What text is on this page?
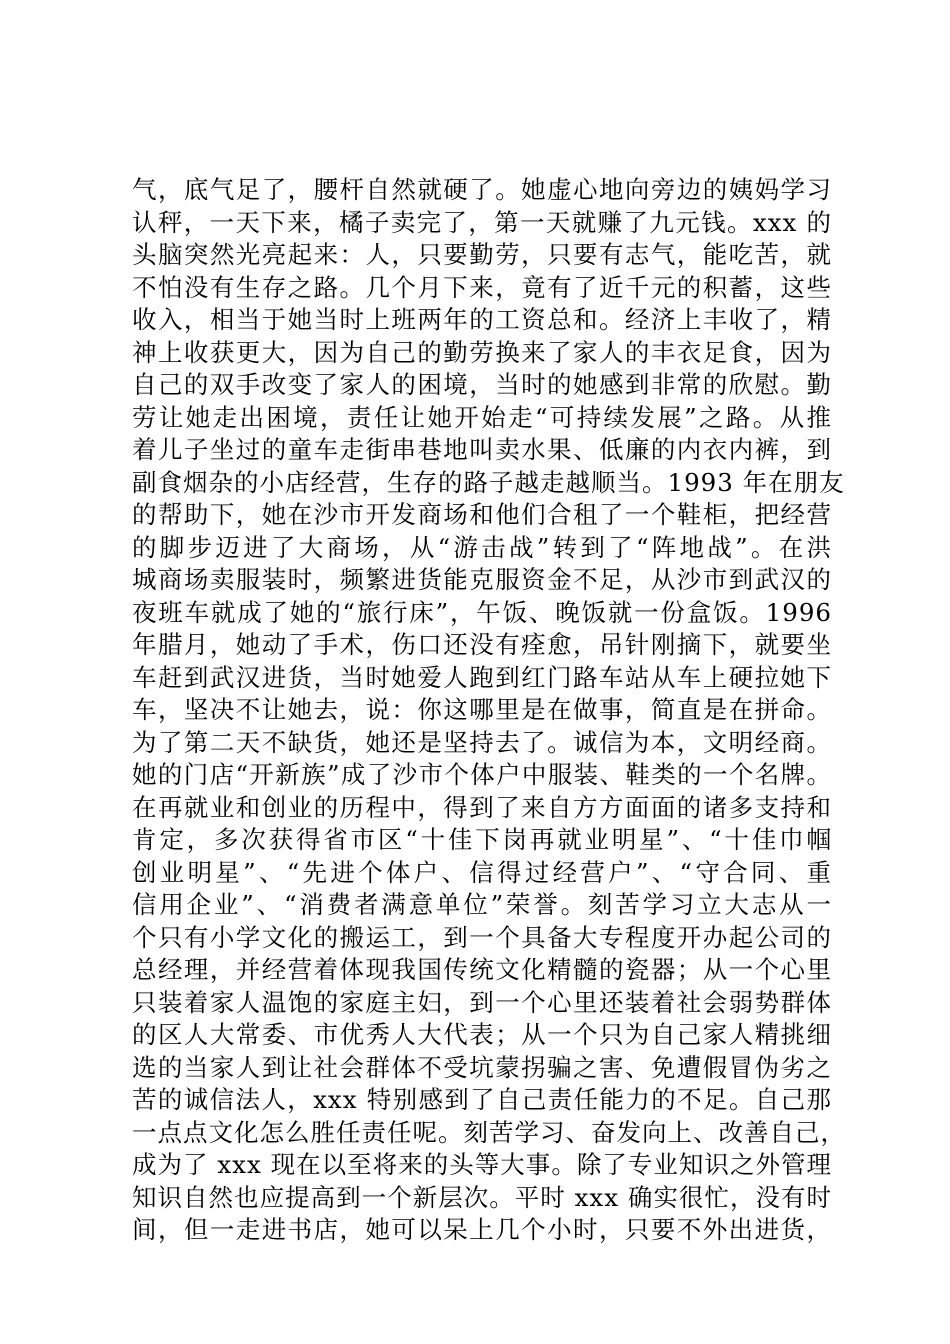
气，底气足了，腰杆自然就硬了。她虚心地向旁边的姨妈学习
认秤，一天下来，橘子卖完了，第一天就赚了九元钱。xxx 的
头脑突然光亮起来：人，只要勤劳，只要有志气，能吃苦，就
不怕没有生存之路。几个月下来，竟有了近千元的积蓄，这些
收入，相当于她当时上班两年的工资总和。经济上丰收了，精
神上收获更大，因为自己的勤劳换来了家人的丰衣足食，因为
自己的双手改变了家人的困境，当时的她感到非常的欣慰。勤
劳让她走出困境，责任让她开始走“可持续发展”之路。从推
着儿子坐过的童车走街串巷地叫卖水果、低廉的内衣内裤，到
副食烟杂的小店经营，生存的路子越走越顺当。1993 年在朋友
的帮助下，她在沙市开发商场和他们合租了一个鞋柜，把经营
的脚步迈进了大商场，从“游击战”转到了“阵地战”。在洪
城商场卖服装时，频繁进货能克服资金不足，从沙市到武汉的
夜班车就成了她的“旅行床”，午饭、晚饭就一份盒饭。1996
年腊月，她动了手术，伤口还没有痊愈，吊针刚摘下，就要坐
车赶到武汉进货，当时她爱人跑到红门路车站从车上硬拉她下
车，坚决不让她去，说：你这哪里是在做事，简直是在拼命。
为了第二天不缺货，她还是坚持去了。诚信为本，文明经商。
她的门店“开新族”成了沙市个体户中服装、鞋类的一个名牌。
在再就业和创业的历程中，得到了来自方方面面的诸多支持和
肯定，多次获得省市区“十佳下岗再就业明星”、“十佳巾帼
创业明星”、“先进个体户、信得过经营户”、“守合同、重
信用企业”、“消费者满意单位”荣誉。刻苦学习立大志从一
个只有小学文化的搬运工，到一个具备大专程度开办起公司的
总经理，并经营着体现我国传统文化精髓的瓷器；从一个心里
只装着家人温饱的家庭主妇，到一个心里还装着社会弱势群体
的区人大常委、市优秀人大代表；从一个只为自己家人精挑细
选的当家人到让社会群体不受坑蒙拐骗之害、免遭假冒伪劣之
苦的诚信法人，xxx 特别感到了自己责任能力的不足。自己那
一点点文化怎么胜任责任呢。刻苦学习、奋发向上、改善自己，
成为了 xxx 现在以至将来的头等大事。除了专业知识之外管理
知识自然也应提高到一个新层次。平时 xxx 确实很忙，没有时
间，但一走进书店，她可以呆上几个小时，只要不外出进货，
